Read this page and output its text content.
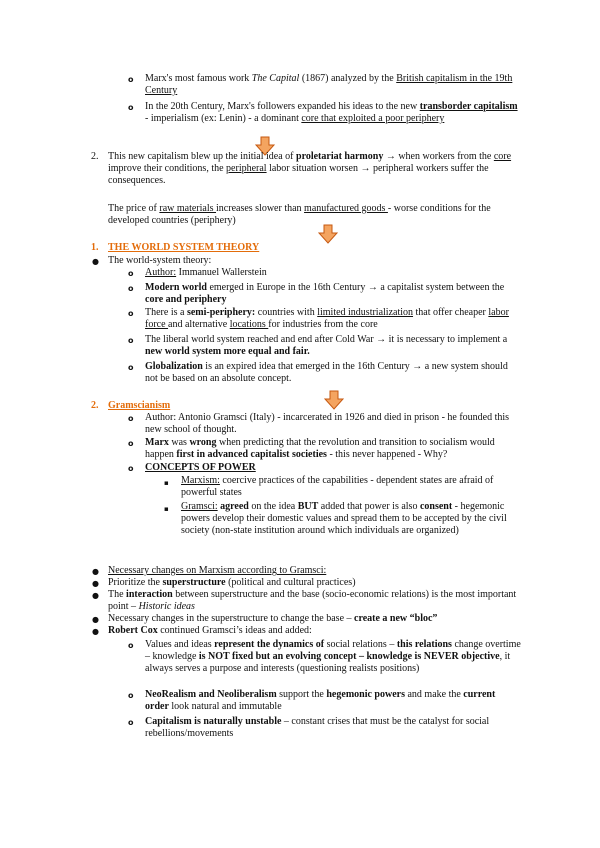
o Marx's most famous work The Capital (1867) analyzed by the British capitalism in the 19th Century

o In the 20th Century, Marx's followers expanded his ideas to the new transborder capitalism - imperialism (ex: Lenin) - a dominant core that exploited a poor periphery

2. This new capitalism blew up the initial idea of proletariat harmony → when workers from the core improve their conditions, the peripheral labor situation worsen → peripheral workers suffer the consequences.

The price of raw materials increases slower than manufactured goods - worse conditions for the developed countries (periphery)

1. THE WORLD SYSTEM THEORY
● The world-system theory:

o Author: Immanuel Wallerstein

o Modern world emerged in Europe in the 16th Century → a capitalist system between the core and periphery

o There is a semi-periphery: countries with limited industrialization that offer cheaper labor force and alternative locations for industries from the core

o The liberal world system reached and end after Cold War → it is necessary to implement a new world system more equal and fair.

o Globalization is an expired idea that emerged in the 16th Century → a new system should not be based on an absolute concept.

2. Gramscianism
o Author: Antonio Gramsci (Italy) - incarcerated in 1926 and died in prison - he founded this new school of thought.

o Marx was wrong when predicting that the revolution and transition to socialism would happen first in advanced capitalist societies - this never happened - Why?

o CONCEPTS OF POWER

▪ Marxism: coercive practices of the capabilities - dependent states are afraid of powerful states

▪ Gramsci: agreed on the idea BUT added that power is also consent - hegemonic powers develop their domestic values and spread them to be accepted by the civil society (non-state institution around which individuals are organized)

● Necessary changes on Marxism according to Gramsci:

● Prioritize the superstructure (political and cultural practices)

● The interaction between superstructure and the base (socio-economic relations) is the most important point – Historic ideas

● Necessary changes in the superstructure to change the base – create a new “bloc”

● Robert Cox continued Gramsci’s ideas and added:

o Values and ideas represent the dynamics of social relations – this relations change overtime – knowledge is NOT fixed but an evolving concept – knowledge is NEVER objective, it always serves a purpose and interests (questioning realists positions)

o NeoRealism and Neoliberalism support the hegemonic powers and make the current order look natural and immutable

o Capitalism is naturally unstable – constant crises that must be the catalyst for social rebellions/movements
